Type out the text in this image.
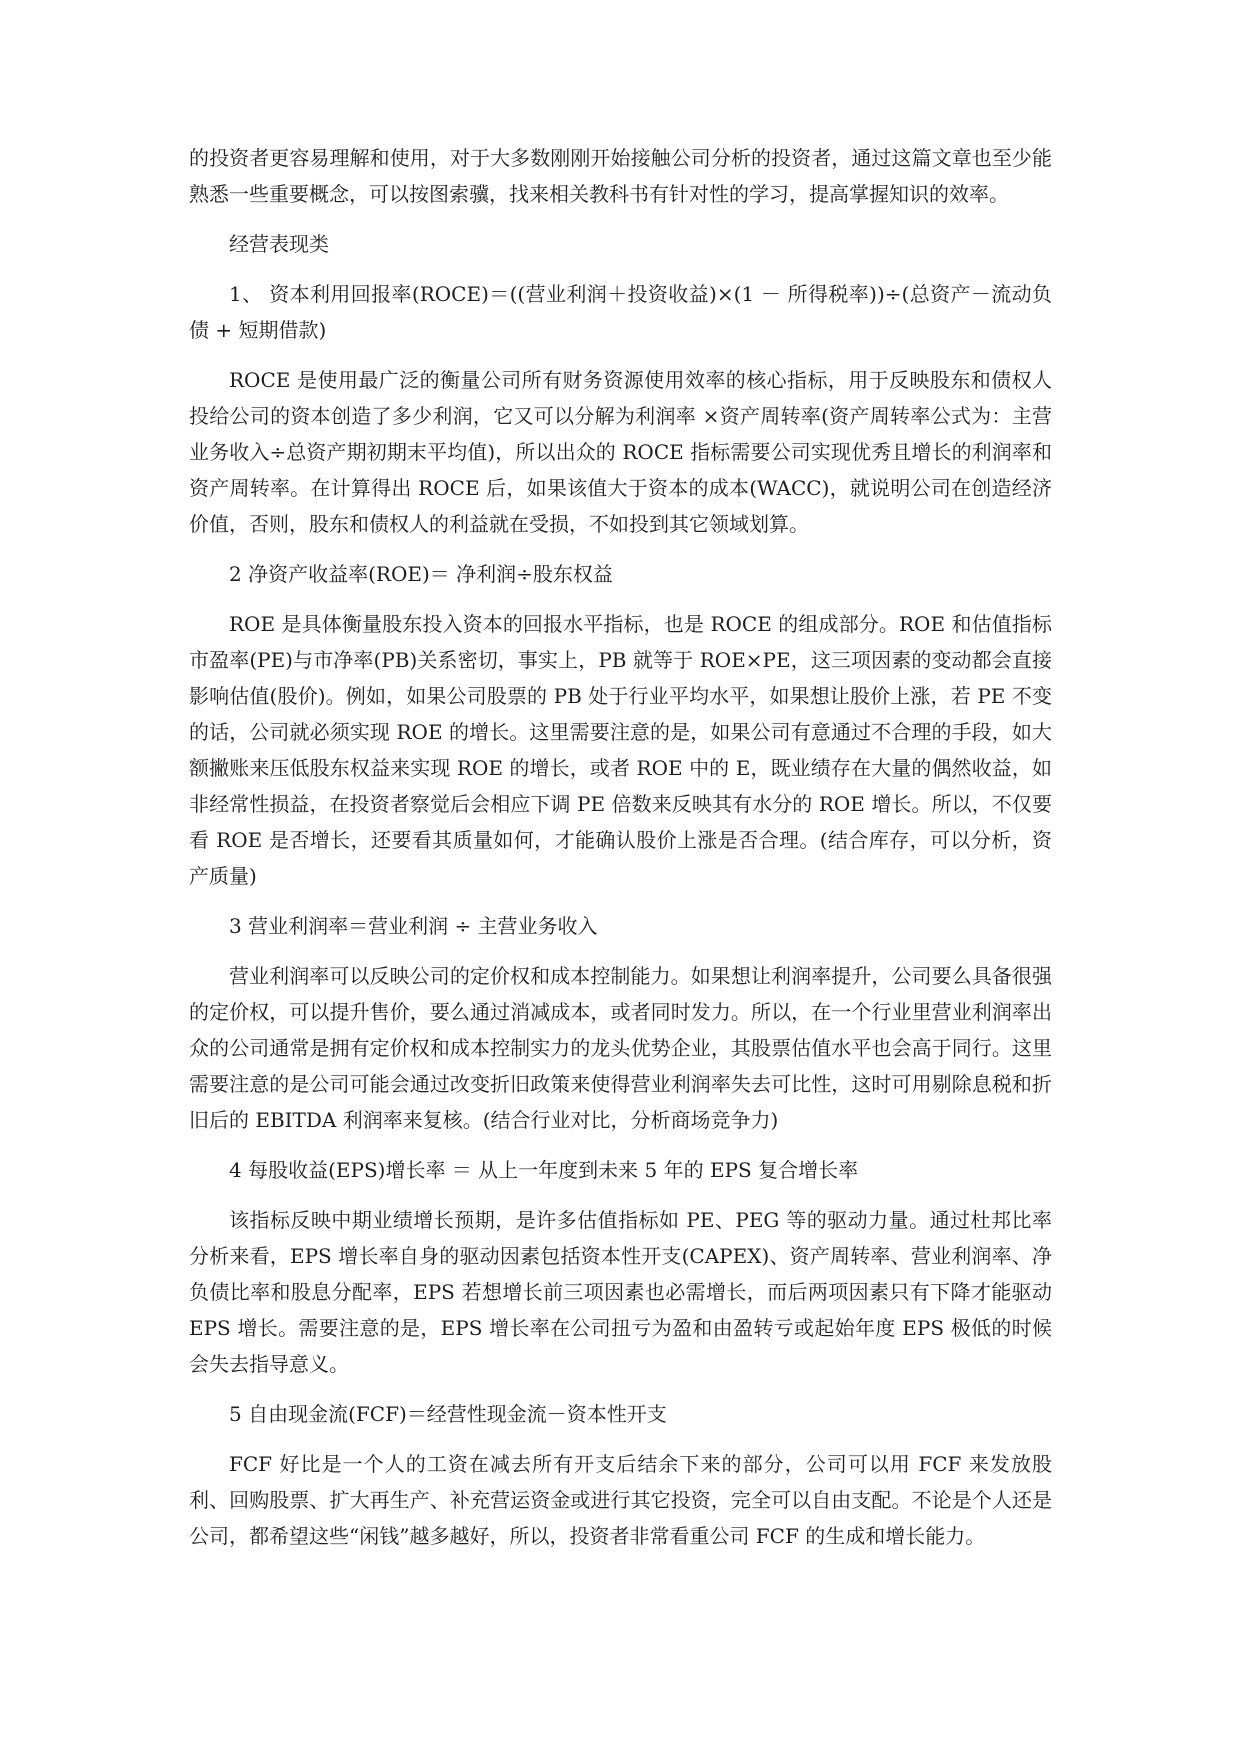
的投资者更容易理解和使用，对于大多数刚刚开始接触公司分析的投资者，通过这篇文章也至少能熟悉一些重要概念，可以按图索骥，找来相关教科书有针对性的学习，提高掌握知识的效率。

经营表现类

1、 资本利用回报率(ROCE)＝((营业利润＋投资收益)×(1 － 所得税率))÷(总资产－流动负债 + 短期借款)

ROCE 是使用最广泛的衡量公司所有财务资源使用效率的核心指标，用于反映股东和债权人投给公司的资本创造了多少利润，它又可以分解为利润率 ×资产周转率(资产周转率公式为：主营业务收入÷总资产期初期末平均值)，所以出众的 ROCE 指标需要公司实现优秀且增长的利润率和资产周转率。在计算得出 ROCE 后，如果该值大于资本的成本(WACC)，就说明公司在创造经济价值，否则，股东和债权人的利益就在受损，不如投到其它领域划算。

2 净资产收益率(ROE)＝ 净利润÷股东权益

ROE 是具体衡量股东投入资本的回报水平指标，也是 ROCE 的组成部分。ROE 和估值指标市盈率(PE)与市净率(PB)关系密切，事实上，PB 就等于 ROE×PE，这三项因素的变动都会直接影响估值(股价)。例如，如果公司股票的 PB 处于行业平均水平，如果想让股价上涨，若 PE 不变的话，公司就必须实现 ROE 的增长。这里需要注意的是，如果公司有意通过不合理的手段，如大额撇账来压低股东权益来实现 ROE 的增长，或者 ROE 中的 E，既业绩存在大量的偶然收益，如非经常性损益，在投资者察觉后会相应下调 PE 倍数来反映其有水分的 ROE 增长。所以，不仅要看 ROE 是否增长，还要看其质量如何，才能确认股价上涨是否合理。(结合库存，可以分析，资产质量)

3 营业利润率＝营业利润 ÷ 主营业务收入

营业利润率可以反映公司的定价权和成本控制能力。如果想让利润率提升，公司要么具备很强的定价权，可以提升售价，要么通过消减成本，或者同时发力。所以，在一个行业里营业利润率出众的公司通常是拥有定价权和成本控制实力的龙头优势企业，其股票估值水平也会高于同行。这里需要注意的是公司可能会通过改变折旧政策来使得营业利润率失去可比性，这时可用剔除息税和折旧后的 EBITDA 利润率来复核。(结合行业对比，分析商场竞争力)

4 每股收益(EPS)增长率 ＝ 从上一年度到未来 5 年的 EPS 复合增长率

该指标反映中期业绩增长预期，是许多估值指标如 PE、PEG 等的驱动力量。通过杜邦比率分析来看，EPS 增长率自身的驱动因素包括资本性开支(CAPEX)、资产周转率、营业利润率、净负债比率和股息分配率，EPS 若想增长前三项因素也必需增长，而后两项因素只有下降才能驱动 EPS 增长。需要注意的是，EPS 增长率在公司扭亏为盈和由盈转亏或起始年度 EPS 极低的时候会失去指导意义。

5 自由现金流(FCF)＝经营性现金流－资本性开支

FCF 好比是一个人的工资在减去所有开支后结余下来的部分，公司可以用 FCF 来发放股利、回购股票、扩大再生产、补充营运资金或进行其它投资，完全可以自由支配。不论是个人还是公司，都希望这些“闲钱”越多越好，所以，投资者非常看重公司 FCF 的生成和增长能力。
